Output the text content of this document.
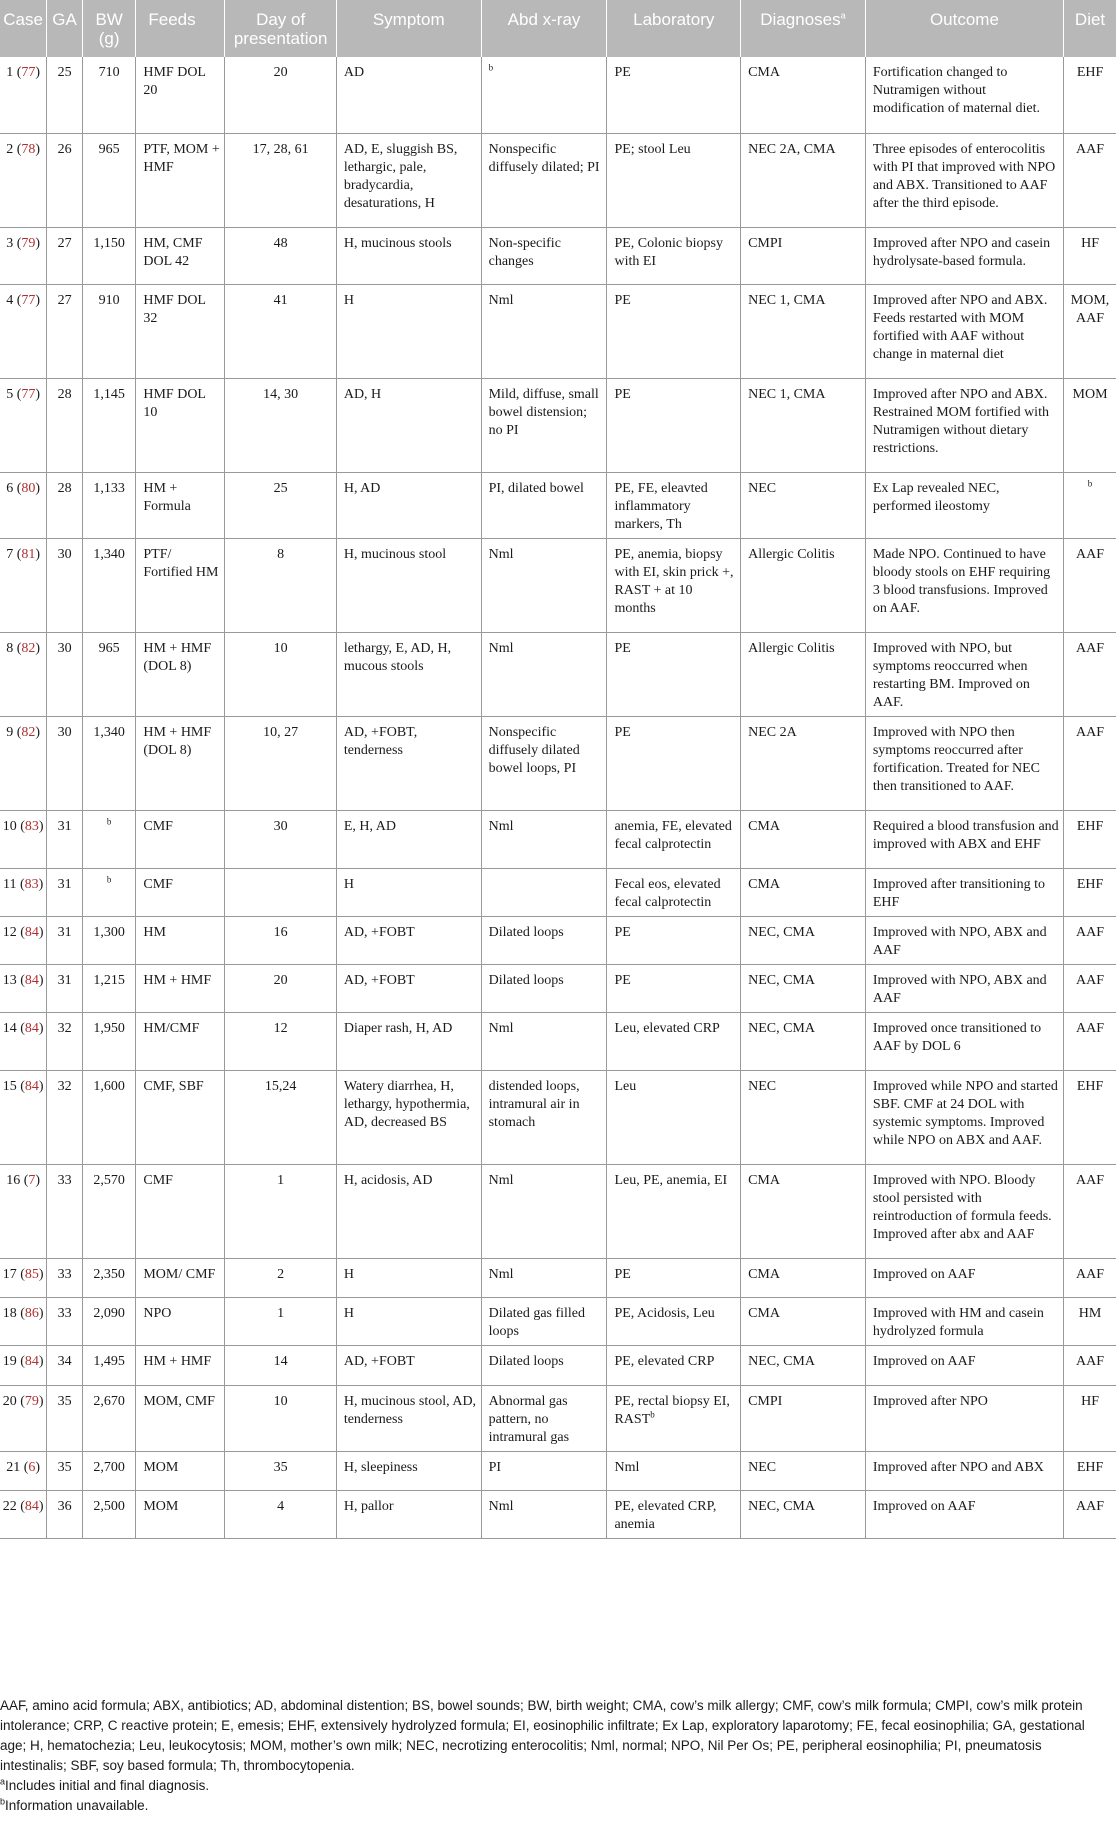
Case	GA	BW (g)	Feeds	Day of presentation	Symptom	Abd x-ray	Laboratory	Diagnoses$^a$	Outcome	Diet
1 (77)	25	710	HMF DOL 20	20	AD	$^b$	PE	CMA	Fortification changed to Nutramigen without modification of maternal diet.	EHF
2 (78)	26	965	PTF, MOM + HMF	17, 28, 61	AD, E, sluggish BS, lethargic, pale, bradycardia, desaturations, H	Nonspecific diffusely dilated; PI	PE; stool Leu	NEC 2A, CMA	Three episodes of enterocolitis with PI that improved with NPO and ABX. Transitioned to AAF after the third episode.	AAF
3 (79)	27	1,150	HM, CMF DOL 42	48	H, mucinous stools	Non-specific changes	PE, Colonic biopsy with EI	CMPI	Improved after NPO and casein hydrolysate-based formula.	HF
4 (77)	27	910	HMF DOL 32	41	H	Nml	PE	NEC 1, CMA	Improved after NPO and ABX. Feeds restarted with MOM fortified with AAF without change in maternal diet	MOM, AAF
5 (77)	28	1,145	HMF DOL 10	14, 30	AD, H	Mild, diffuse, small bowel distension; no PI	PE	NEC 1, CMA	Improved after NPO and ABX. Restrained MOM fortified with Nutramigen without dietary restrictions.	MOM
6 (80)	28	1,133	HM + Formula	25	H, AD	PI, dilated bowel	PE, FE, eleavted inflammatory markers, Th	NEC	Ex Lap revealed NEC, performed ileostomy	$^b$
7 (81)	30	1,340	PTF/ Fortified HM	8	H, mucinous stool	Nml	PE, anemia, biopsy with EI, skin prick +, RAST + at 10 months	Allergic Colitis	Made NPO. Continued to have bloody stools on EHF requiring 3 blood transfusions. Improved on AAF.	AAF
8 (82)	30	965	HM + HMF (DOL 8)	10	lethargy, E, AD, H, mucous stools	Nml	PE	Allergic Colitis	Improved with NPO, but symptoms reoccurred when restarting BM. Improved on AAF.	AAF
9 (82)	30	1,340	HM + HMF (DOL 8)	10, 27	AD, +FOBT, tenderness	Nonspecific diffusely dilated bowel loops, PI	PE	NEC 2A	Improved with NPO then symptoms reoccurred after fortification. Treated for NEC then transitioned to AAF.	AAF
10 (83)	31	$^b$	CMF	30	E, H, AD	Nml	anemia, FE, elevated fecal calprotectin	CMA	Required a blood transfusion and improved with ABX and EHF	EHF
11 (83)	31	$^b$	CMF		H		Fecal eos, elevated fecal calprotectin	CMA	Improved after transitioning to EHF	EHF
12 (84)	31	1,300	HM	16	AD, +FOBT	Dilated loops	PE	NEC, CMA	Improved with NPO, ABX and AAF	AAF
13 (84)	31	1,215	HM + HMF	20	AD, +FOBT	Dilated loops	PE	NEC, CMA	Improved with NPO, ABX and AAF	AAF
14 (84)	32	1,950	HM/CMF	12	Diaper rash, H, AD	Nml	Leu, elevated CRP	NEC, CMA	Improved once transitioned to AAF by DOL 6	AAF
15 (84)	32	1,600	CMF, SBF	15,24	Watery diarrhea, H, lethargy, hypothermia, AD, decreased BS	distended loops, intramural air in stomach	Leu	NEC	Improved while NPO and started SBF. CMF at 24 DOL with systemic symptoms. Improved while NPO on ABX and AAF.	EHF
16 (7)	33	2,570	CMF	1	H, acidosis, AD	Nml	Leu, PE, anemia, EI	CMA	Improved with NPO. Bloody stool persisted with reintroduction of formula feeds. Improved after abx and AAF	AAF
17 (85)	33	2,350	MOM/ CMF	2	H	Nml	PE	CMA	Improved on AAF	AAF
18 (86)	33	2,090	NPO	1	H	Dilated gas filled loops	PE, Acidosis, Leu	CMA	Improved with HM and casein hydrolyzed formula	HM
19 (84)	34	1,495	HM + HMF	14	AD, +FOBT	Dilated loops	PE, elevated CRP	NEC, CMA	Improved on AAF	AAF
20 (79)	35	2,670	MOM, CMF	10	H, mucinous stool, AD, tenderness	Abnormal gas pattern, no intramural gas	PE, rectal biopsy EI, RAST$^b$	CMPI	Improved after NPO	HF
21 (6)	35	2,700	MOM	35	H, sleepiness	PI	Nml	NEC	Improved after NPO and ABX	EHF
22 (84)	36	2,500	MOM	4	H, pallor	Nml	PE, elevated CRP, anemia	NEC, CMA	Improved on AAF	AAF

AAF, amino acid formula; ABX, antibiotics; AD, abdominal distention; BS, bowel sounds; BW, birth weight; CMA, cow’s milk allergy; CMF, cow’s milk formula; CMPI, cow’s milk protein intolerance; CRP, C reactive protein; E, emesis; EHF, extensively hydrolyzed formula; EI, eosinophilic infiltrate; Ex Lap, exploratory laparotomy; FE, fecal eosinophilia; GA, gestational age; H, hematochezia; Leu, leukocytosis; MOM, mother’s own milk; NEC, necrotizing enterocolitis; Nml, normal; NPO, Nil Per Os; PE, peripheral eosinophilia; PI, pneumatosis intestinalis; SBF, soy based formula; Th, thrombocytopenia.

$^a$Includes initial and final diagnosis.

$^b$Information unavailable.
